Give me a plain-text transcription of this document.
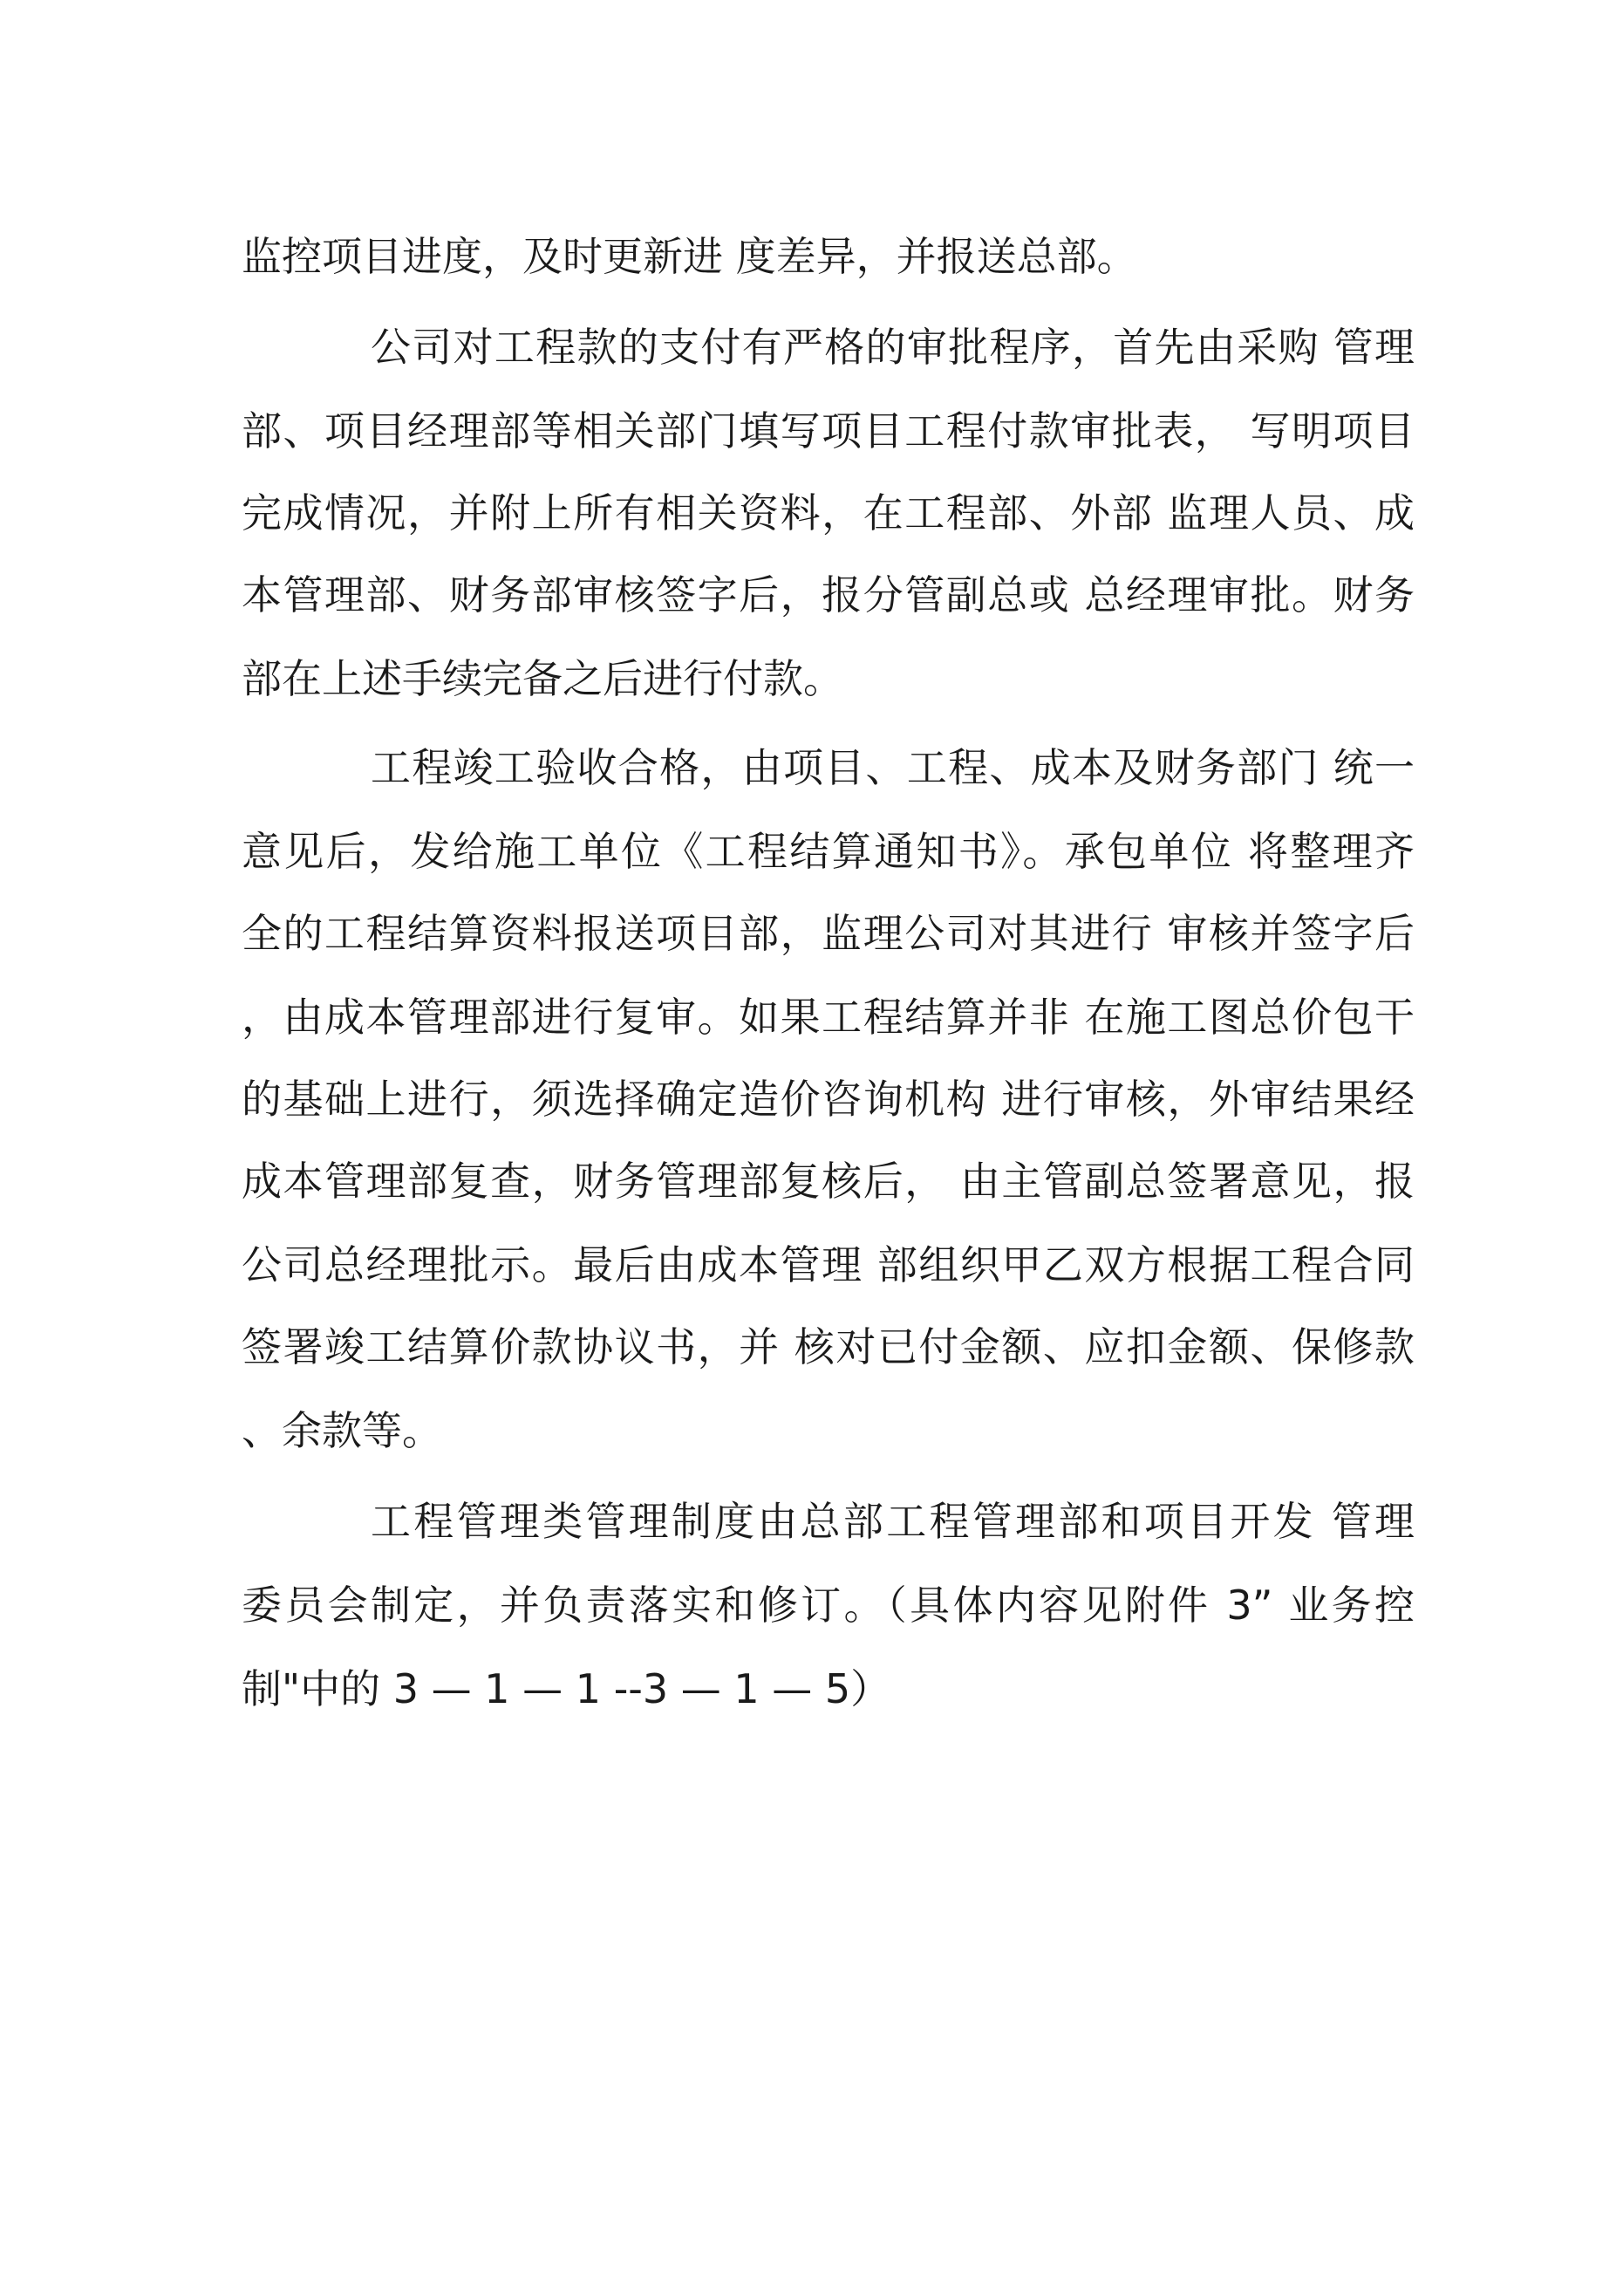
监控项目进度，及时更新进 度差异，并报送总部。
公司对工程款的支付有严格的审批程序，首先由采购 管理
部、项目经理部等相关部门填写项目工程付款审批表， 写明项目
完成情况，并附上所有相关资料，在工程部、外部 监理人员、成
本管理部、财务部审核签字后，报分管副总或 总经理审批。财务
部在上述手续完备之后进行付款。
工程竣工验收合格，由项目、工程、成本及财务部门 统一
意见后，发给施工单位《工程结算通知书》。承包单位 将整理齐
全的工程结算资料报送项目部，监理公司对其进行 审核并签字后
，由成本管理部进行复审。如果工程结算并非 在施工图总价包干
的基础上进行，须选择确定造价咨询机构 进行审核，外审结果经
成本管理部复查，财务管理部复核后， 由主管副总签署意见，报
公司总经理批示。最后由成本管理 部组织甲乙双方根据工程合同
签署竣工结算价款协议书，并 核对已付金额、应扣金额、保修款
、余款等。
工程管理类管理制度由总部工程管理部和项目开发 管理
委员会制定，并负责落实和修订。（具体内容见附件 3” 业务控
制"中的 3 — 1 — 1 --3 — 1 — 5）
